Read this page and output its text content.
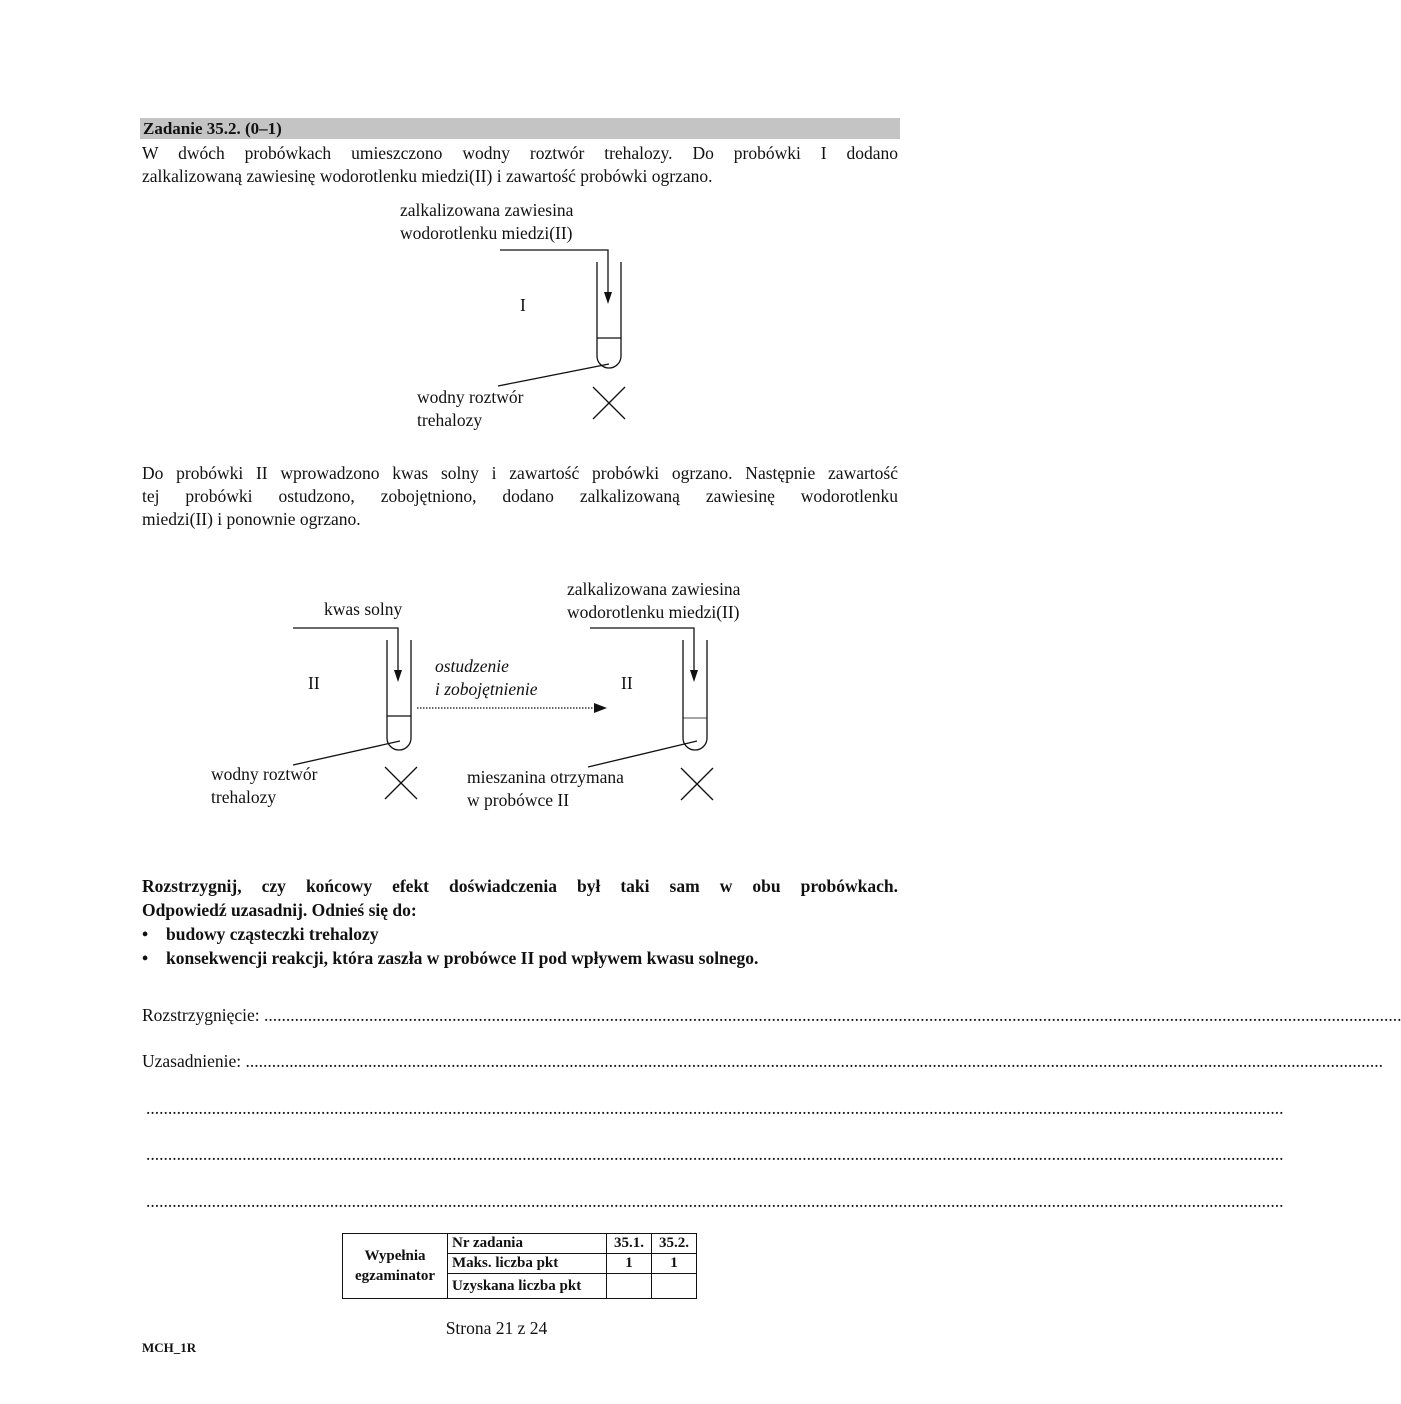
Zadanie 35.2. (0–1)

W dwóch probówkach umieszczono wodny roztwór trehalozy. Do probówki I dodano

zalkalizowaną zawiesinę wodorotlenku miedzi(II) i zawartość probówki ogrzano.

zalkalizowana zawiesina
wodorotlenku miedzi(II)
I
wodny roztwór
trehalozy

Do probówki II wprowadzono kwas solny i zawartość probówki ogrzano. Następnie zawartość

tej probówki ostudzono, zobojętniono, dodano zalkalizowaną zawiesinę wodorotlenku

miedzi(II) i ponownie ogrzano.

kwas solny
II
ostudzenie
i zobojętnienie	II
zalkalizowana zawiesina
wodorotlenku miedzi(II)
wodny roztwór
trehalozy
mieszanina otrzymana
w probówce II
Rozstrzygnij, czy końcowy efekt doświadczenia był taki sam w obu probówkach.
Odpowiedź uzasadnij. Odnieś się do:
• budowy cząsteczki trehalozy
• konsekwencji reakcji, która zaszła w probówce II pod wpływem kwasu solnego.
Rozstrzygnięcie: ....................................................................................................................................................................................................................................................................
Uzasadnienie: ....................................................................................................................................................................................................................................................................
....................................................................................................................................................................................................................................................................
....................................................................................................................................................................................................................................................................
....................................................................................................................................................................................................................................................................
Wypełnia
egzaminator	Nr zadania	35.1.	35.2.
	Maks. liczba pkt	1	1
	Uzyskana liczba pkt		
Strona 21 z 24
MCH_1R
